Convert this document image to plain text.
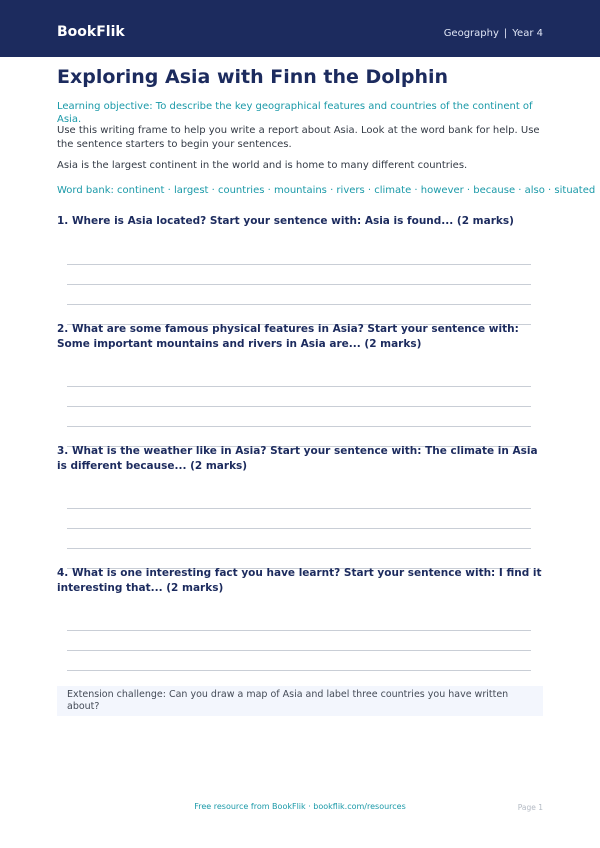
BookFlik	Geography | Year 4
Exploring Asia with Finn the Dolphin
Learning objective: To describe the key geographical features and countries of the continent of Asia.
Use this writing frame to help you write a report about Asia. Look at the word bank for help. Use the sentence starters to begin your sentences.
Asia is the largest continent in the world and is home to many different countries.
Word bank: continent · largest · countries · mountains · rivers · climate · however · because · also · situated

1. Where is Asia located? Start your sentence with: Asia is found... (2 marks)

2. What are some famous physical features in Asia? Start your sentence with: Some important mountains and rivers in Asia are... (2 marks)

3. What is the weather like in Asia? Start your sentence with: The climate in Asia is different because... (2 marks)

4. What is one interesting fact you have learnt? Start your sentence with: I find it interesting that... (2 marks)

Extension challenge: Can you draw a map of Asia and label three countries you have written about?
Free resource from BookFlik · bookflik.com/resources	Page 1
